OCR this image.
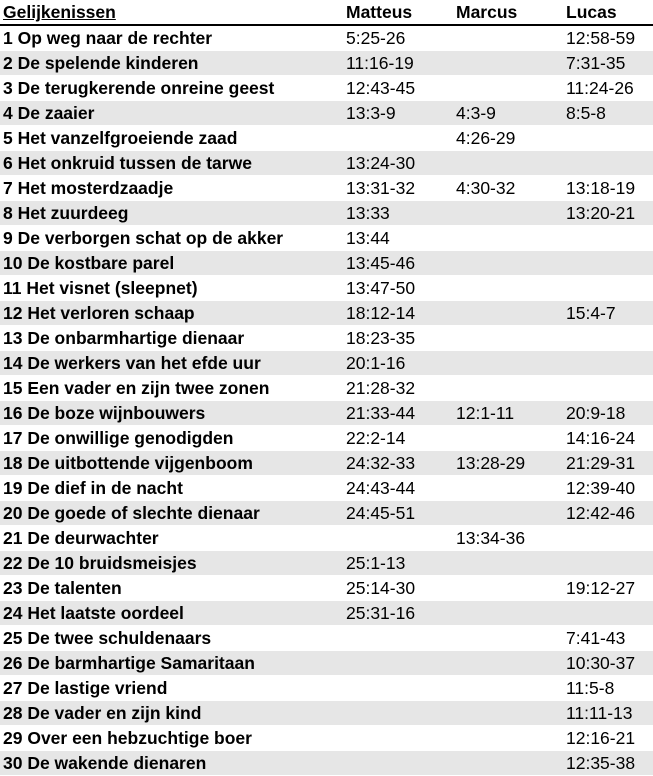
Gelijkenissen	Matteus	Marcus	Lucas
1 Op weg naar de rechter	5:25-26		12:58-59
2 De spelende kinderen	11:16-19		7:31-35
3 De terugkerende onreine geest	12:43-45		11:24-26
4 De zaaier	13:3-9	4:3-9	8:5-8
5 Het vanzelfgroeiende zaad		4:26-29	
6 Het onkruid tussen de tarwe	13:24-30		
7 Het mosterdzaadje	13:31-32	4:30-32	13:18-19
8 Het zuurdeeg	13:33		13:20-21
9 De verborgen schat op de akker	13:44		
10 De kostbare parel	13:45-46		
11 Het visnet (sleepnet)	13:47-50		
12 Het verloren schaap	18:12-14		15:4-7
13 De onbarmhartige dienaar	18:23-35		
14 De werkers van het efde uur	20:1-16		
15 Een vader en zijn twee zonen	21:28-32		
16 De boze wijnbouwers	21:33-44	12:1-11	20:9-18
17 De onwillige genodigden	22:2-14		14:16-24
18 De uitbottende vijgenboom	24:32-33	13:28-29	21:29-31
19 De dief in de nacht	24:43-44		12:39-40
20 De goede of slechte dienaar	24:45-51		12:42-46
21 De deurwachter		13:34-36	
22 De 10 bruidsmeisjes	25:1-13		
23 De talenten	25:14-30		19:12-27
24 Het laatste oordeel	25:31-16		
25 De twee schuldenaars			7:41-43
26 De barmhartige Samaritaan			10:30-37
27 De lastige vriend			11:5-8
28 De vader en zijn kind			11:11-13
29 Over een hebzuchtige boer			12:16-21
30 De wakende dienaren			12:35-38
